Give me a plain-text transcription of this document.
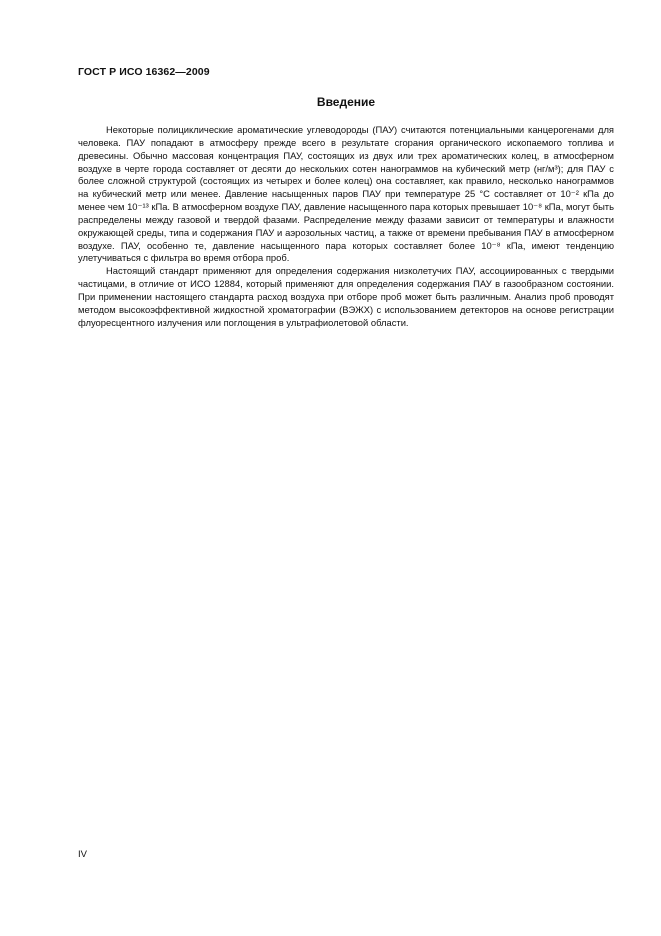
ГОСТ Р ИСО 16362—2009
Введение

Некоторые полициклические ароматические углеводороды (ПАУ) считаются потенциальными канцерогенами для человека. ПАУ попадают в атмосферу прежде всего в результате сгорания органического ископаемого топлива и древесины. Обычно массовая концентрация ПАУ, состоящих из двух или трех ароматических колец, в атмосферном воздухе в черте города составляет от десяти до нескольких сотен нанограммов на кубический метр (нг/м³); для ПАУ с более сложной структурой (состоящих из четырех и более колец) она составляет, как правило, несколько нанограммов на кубический метр или менее. Давление насыщенных паров ПАУ при температуре 25 °С составляет от 10⁻² кПа до менее чем 10⁻¹³ кПа. В атмосферном воздухе ПАУ, давление насыщенного пара которых превышает 10⁻⁸ кПа, могут быть распределены между газовой и твердой фазами. Распределение между фазами зависит от температуры и влажности окружающей среды, типа и содержания ПАУ и аэрозольных частиц, а также от времени пребывания ПАУ в атмосферном воздухе. ПАУ, особенно те, давление насыщенного пара которых составляет более 10⁻⁸ кПа, имеют тенденцию улетучиваться с фильтра во время отбора проб.

Настоящий стандарт применяют для определения содержания низколетучих ПАУ, ассоциированных с твердыми частицами, в отличие от ИСО 12884, который применяют для определения содержания ПАУ в газообразном состоянии. При применении настоящего стандарта расход воздуха при отборе проб может быть различным. Анализ проб проводят методом высокоэффективной жидкостной хроматографии (ВЭЖХ) с использованием детекторов на основе регистрации флуоресцентного излучения или поглощения в ультрафиолетовой области.

IV
